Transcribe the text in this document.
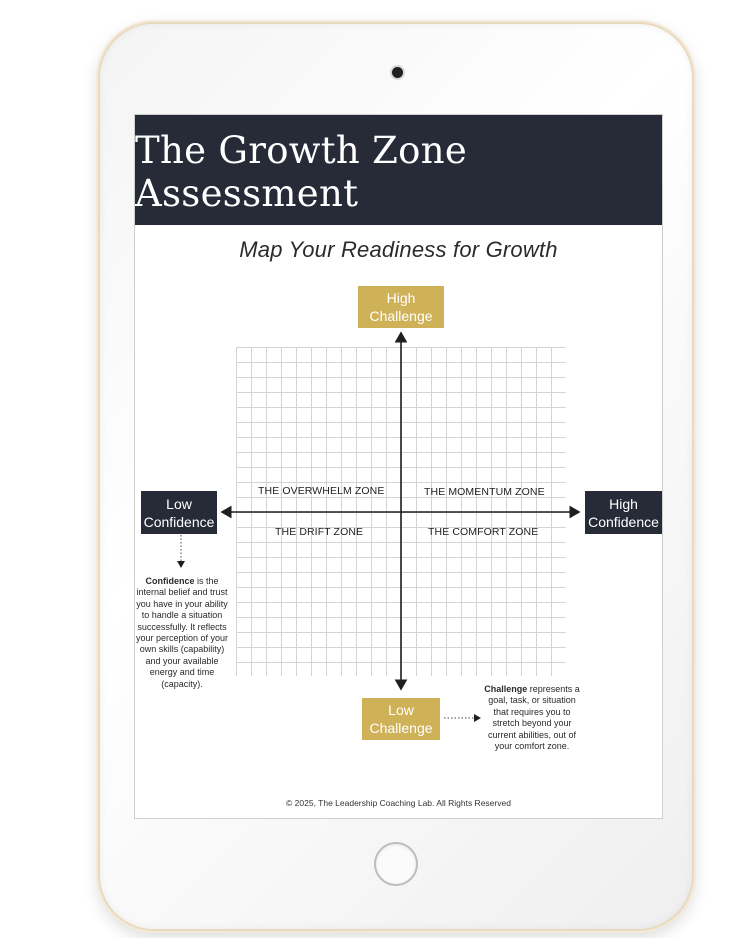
The Growth Zone Assessment
Map Your Readiness for Growth
High
Challenge
Low
Challenge
Low
Confidence
High
Confidence
THE OVERWHELM ZONE	THE MOMENTUM ZONE
THE DRIFT ZONE	THE COMFORT ZONE
Confidence is the internal belief and trust you have in your ability to handle a situation successfully. It reflects your perception of your own skills (capability) and your available energy and time (capacity).
Challenge represents a goal, task, or situation that requires you to stretch beyond your current abilities, out of your comfort zone.
© 2025, The Leadership Coaching Lab. All Rights Reserved
